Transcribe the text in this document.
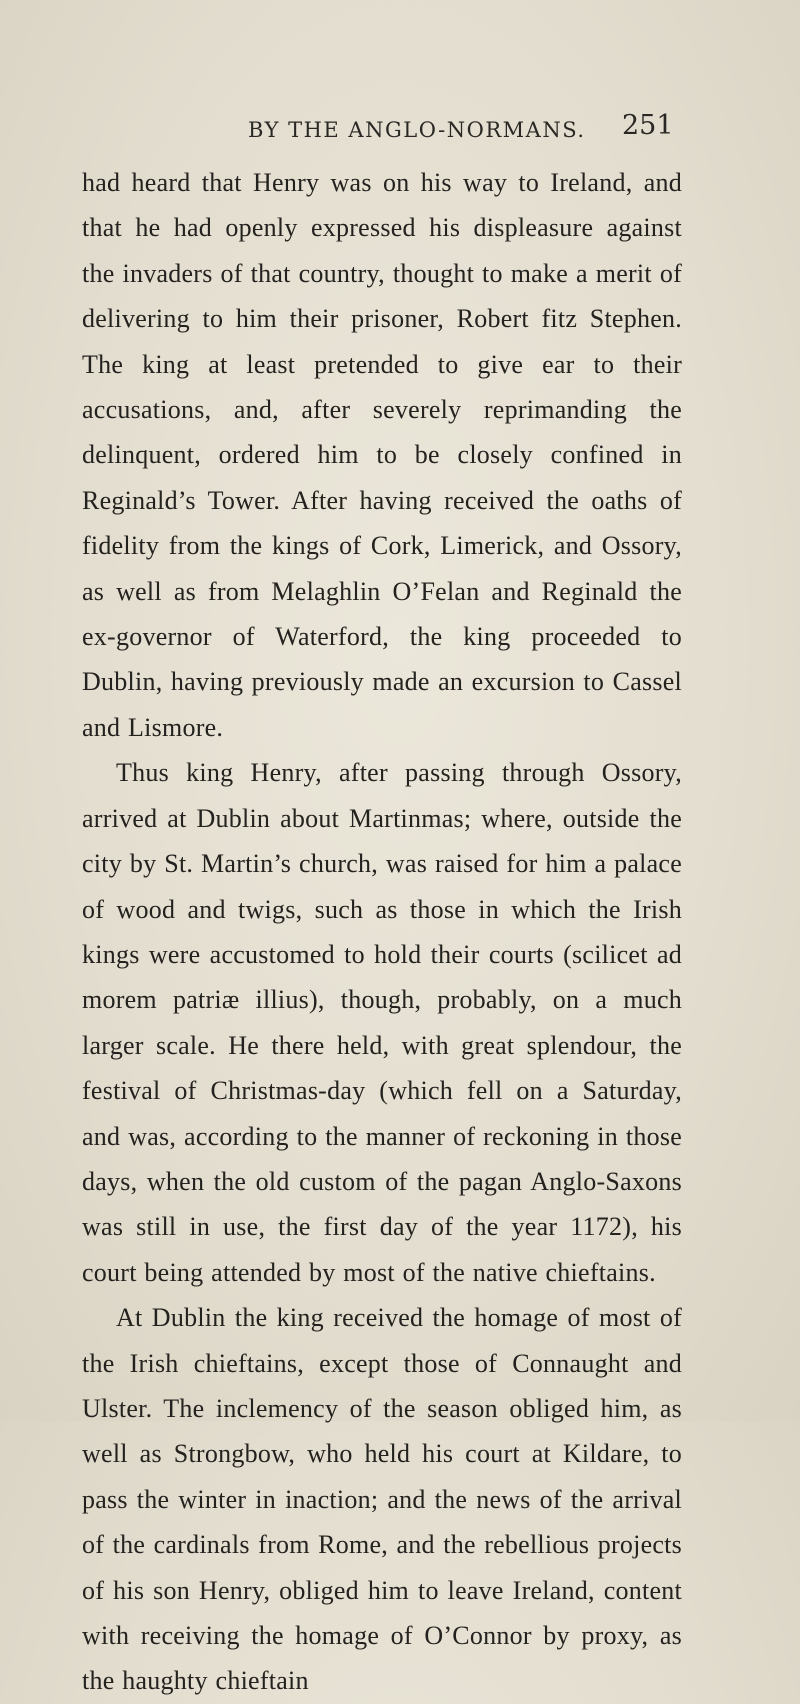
BY THE ANGLO-NORMANS. 251

had heard that Henry was on his way to Ireland, and that he had openly expressed his displeasure against the invaders of that country, thought to make a merit of delivering to him their prisoner, Robert fitz Stephen. The king at least pretended to give ear to their accusations, and, after severely reprimanding the delinquent, ordered him to be closely confined in Reginald’s Tower. After having received the oaths of fidelity from the kings of Cork, Limerick, and Ossory, as well as from Melaghlin O’Felan and Reginald the ex-governor of Waterford, the king proceeded to Dublin, having previously made an excursion to Cassel and Lismore.

Thus king Henry, after passing through Ossory, arrived at Dublin about Martinmas; where, outside the city by St. Martin’s church, was raised for him a palace of wood and twigs, such as those in which the Irish kings were accustomed to hold their courts (scilicet ad morem patriæ illius), though, probably, on a much larger scale. He there held, with great splendour, the festival of Christmas-day (which fell on a Saturday, and was, according to the manner of reckoning in those days, when the old custom of the pagan Anglo-Saxons was still in use, the first day of the year 1172), his court being attended by most of the native chieftains.

At Dublin the king received the homage of most of the Irish chieftains, except those of Connaught and Ulster. The inclemency of the season obliged him, as well as Strongbow, who held his court at Kildare, to pass the winter in inaction; and the news of the arrival of the cardinals from Rome, and the rebellious projects of his son Henry, obliged him to leave Ireland, content with receiving the homage of O’Connor by proxy, as the haughty chieftain
